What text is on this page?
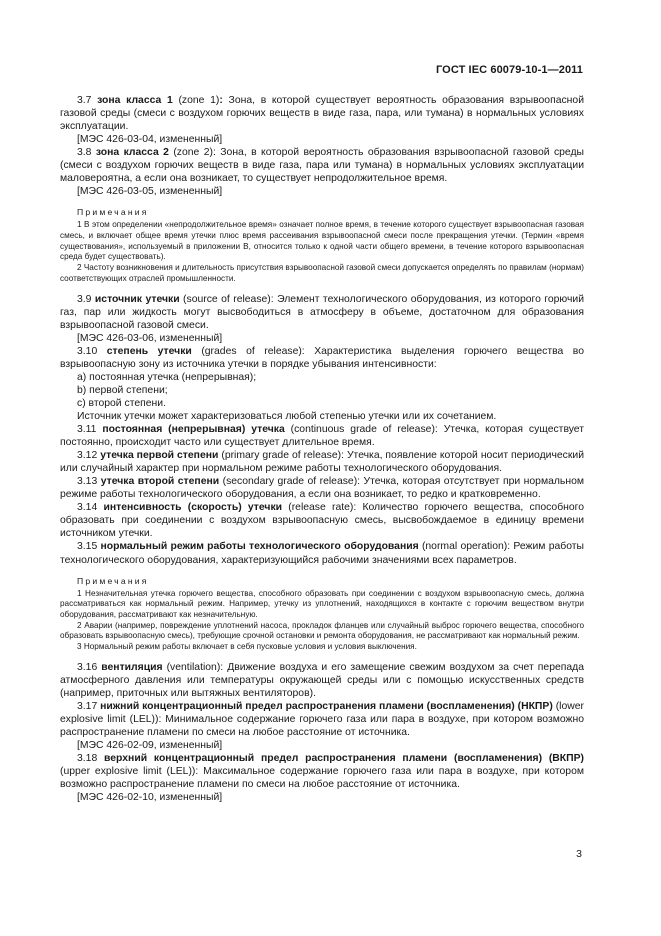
ГОСТ IEC 60079-10-1—2011

3.7 зона класса 1 (zone 1): Зона, в которой существует вероятность образования взрывоопасной газовой среды (смеси с воздухом горючих веществ в виде газа, пара, или тумана) в нормальных условиях эксплуатации.

[МЭС 426-03-04, измененный]

3.8 зона класса 2 (zone 2): Зона, в которой вероятность образования взрывоопасной газовой среды (смеси с воздухом горючих веществ в виде газа, пара или тумана) в нормальных условиях эксплуатации маловероятна, а если она возникает, то существует непродолжительное время.

[МЭС 426-03-05, измененный]

Примечания

1 В этом определении «непродолжительное время» означает полное время, в течение которого существует взрывоопасная газовая смесь, и включает общее время утечки плюс время рассеивания взрывоопасной смеси после прекращения утечки. (Термин «время существования», используемый в приложении В, относится только к одной части общего времени, в течение которого взрывоопасная среда будет существовать).

2 Частоту возникновения и длительность присутствия взрывоопасной газовой смеси допускается определять по правилам (нормам) соответствующих отраслей промышленности.

3.9 источник утечки (source of release): Элемент технологического оборудования, из которого горючий газ, пар или жидкость могут высвободиться в атмосферу в объеме, достаточном для образования взрывоопасной газовой смеси.

[МЭС 426-03-06, измененный]

3.10 степень утечки (grades of release): Характеристика выделения горючего вещества во взрывоопасную зону из источника утечки в порядке убывания интенсивности:

a) постоянная утечка (непрерывная);

b) первой степени;

c) второй степени.

Источник утечки может характеризоваться любой степенью утечки или их сочетанием.

3.11 постоянная (непрерывная) утечка (continuous grade of release): Утечка, которая существует постоянно, происходит часто или существует длительное время.

3.12 утечка первой степени (primary grade of release): Утечка, появление которой носит периодический или случайный характер при нормальном режиме работы технологического оборудования.

3.13 утечка второй степени (secondary grade of release): Утечка, которая отсутствует при нормальном режиме работы технологического оборудования, а если она возникает, то редко и кратковременно.

3.14 интенсивность (скорость) утечки (release rate): Количество горючего вещества, способного образовать при соединении с воздухом взрывоопасную смесь, высвобождаемое в единицу времени источником утечки.

3.15 нормальный режим работы технологического оборудования (normal operation): Режим работы технологического оборудования, характеризующийся рабочими значениями всех параметров.

Примечания

1 Незначительная утечка горючего вещества, способного образовать при соединении с воздухом взрывоопасную смесь, должна рассматриваться как нормальный режим. Например, утечку из уплотнений, находящихся в контакте с горючим веществом внутри оборудования, рассматривают как незначительную.

2 Аварии (например, повреждение уплотнений насоса, прокладок фланцев или случайный выброс горючего вещества, способного образовать взрывоопасную смесь), требующие срочной остановки и ремонта оборудования, не рассматривают как нормальный режим.

3 Нормальный режим работы включает в себя пусковые условия и условия выключения.

3.16 вентиляция (ventilation): Движение воздуха и его замещение свежим воздухом за счет перепада атмосферного давления или температуры окружающей среды или с помощью искусственных средств (например, приточных или вытяжных вентиляторов).

3.17 нижний концентрационный предел распространения пламени (воспламенения) (НКПР) (lower explosive limit (LEL)): Минимальное содержание горючего газа или пара в воздухе, при котором возможно распространение пламени по смеси на любое расстояние от источника.

[МЭС 426-02-09, измененный]

3.18 верхний концентрационный предел распространения пламени (воспламенения) (ВКПР) (upper explosive limit (LEL)): Максимальное содержание горючего газа или пара в воздухе, при котором возможно распространение пламени по смеси на любое расстояние от источника.

[МЭС 426-02-10, измененный]

3
